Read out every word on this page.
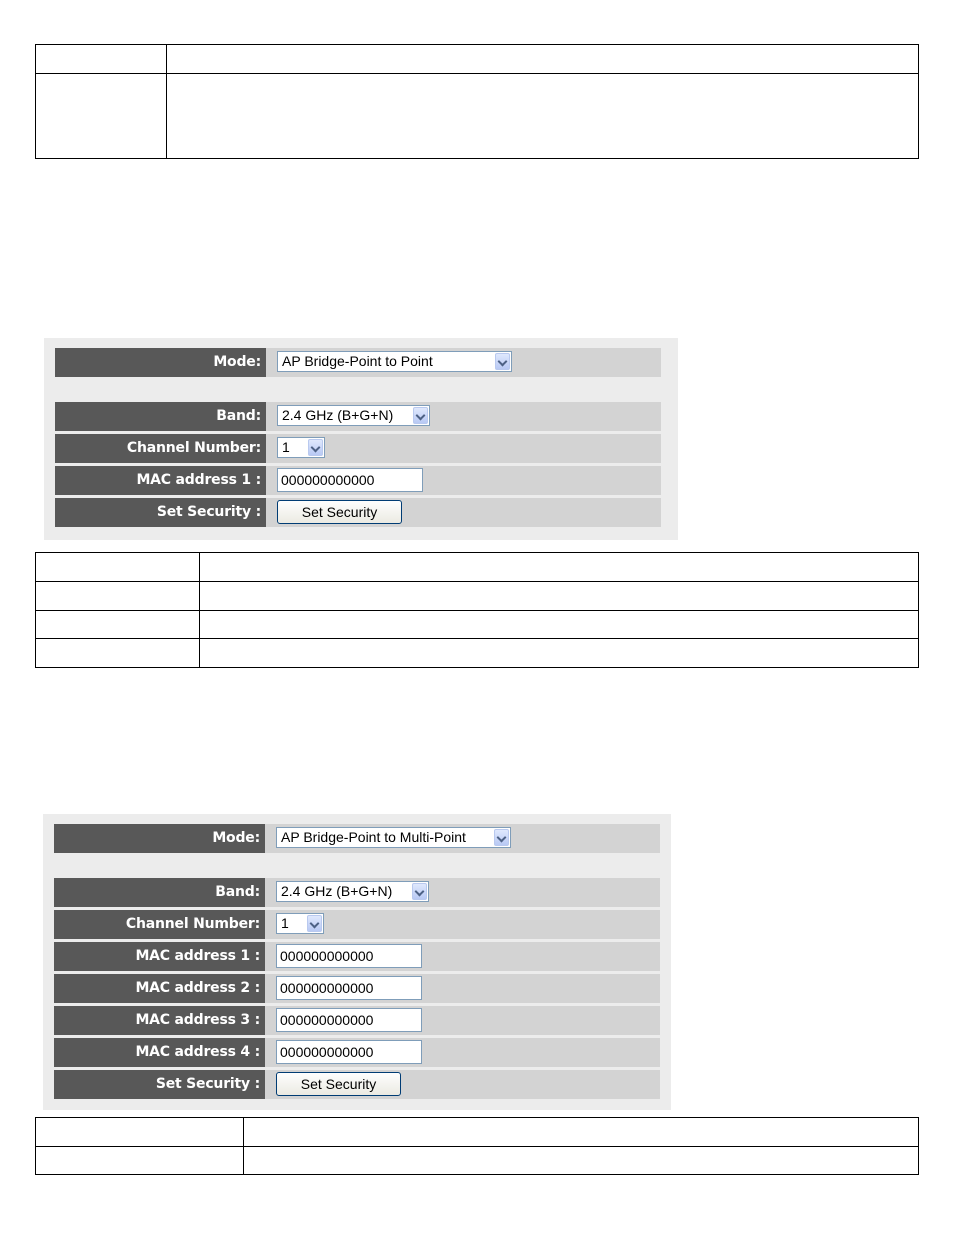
Mode:	AP Bridge-Point to Point
Band:	2.4 GHz (B+G+N)
Channel Number:	1
MAC address 1 :	000000000000
Set Security :	Set Security

Mode:	AP Bridge-Point to Multi-Point
Band:	2.4 GHz (B+G+N)
Channel Number:	1
MAC address 1 :	000000000000
MAC address 2 :	000000000000
MAC address 3 :	000000000000
MAC address 4 :	000000000000
Set Security :	Set Security
